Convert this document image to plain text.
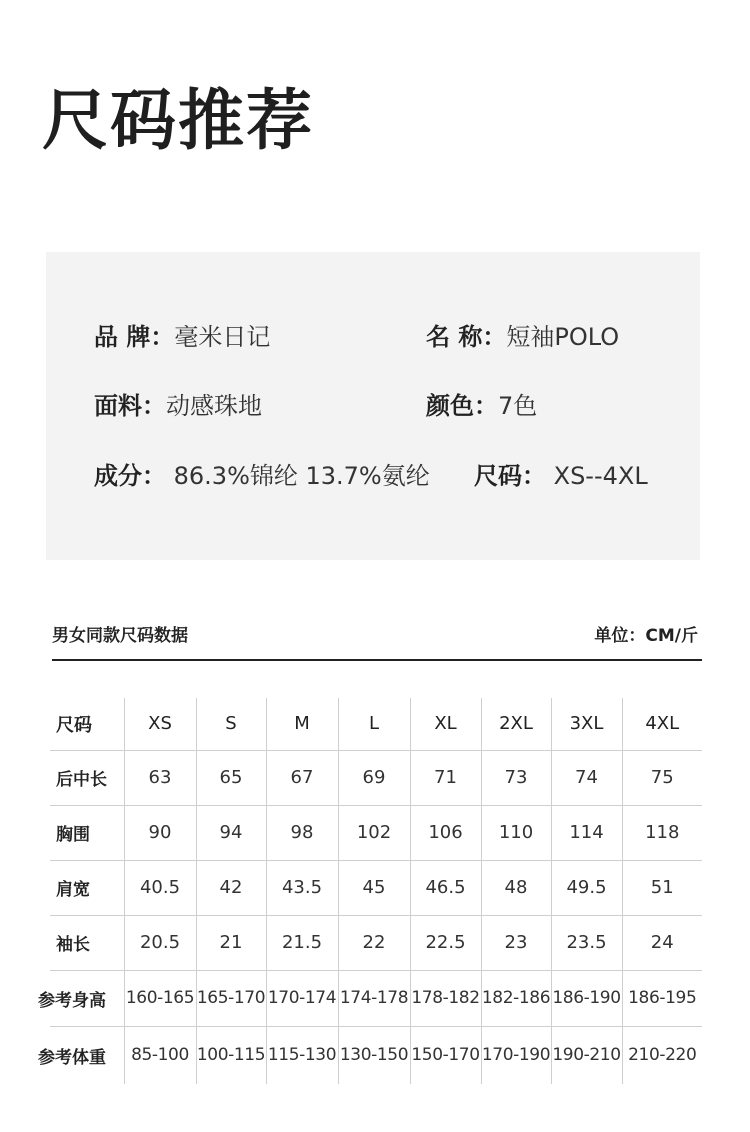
尺码推荐
品 牌：毫米日记	名 称：短袖POLO
面料：动感珠地	颜色：7色
成分： 86.3%锦纶 13.7%氨纶 尺码： XS--4XL
男女同款尺码数据	单位：CM/斤
尺码	XS	S	M	L	XL	2XL	3XL	4XL
后中长	63	65	67	69	71	73	74	75
胸围	90	94	98	102	106	110	114	118
肩宽	40.5	42	43.5	45	46.5	48	49.5	51
袖长	20.5	21	21.5	22	22.5	23	23.5	24
参考身高	160-165	165-170	170-174	174-178	178-182	182-186	186-190	186-195
参考体重	85-100	100-115	115-130	130-150	150-170	170-190	190-210	210-220
